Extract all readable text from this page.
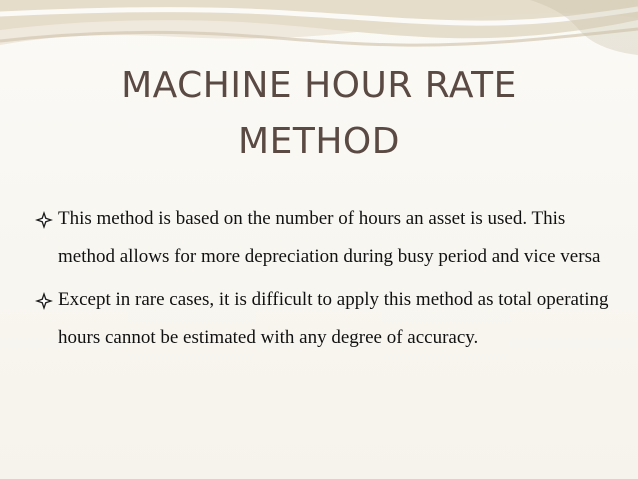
MACHINE HOUR RATE
METHOD
This method is based on the number of hours an asset is used. This method allows for more depreciation during busy period and vice versa
Except in rare cases, it is difficult to apply this method as total operating hours cannot be estimated with any degree of accuracy.
